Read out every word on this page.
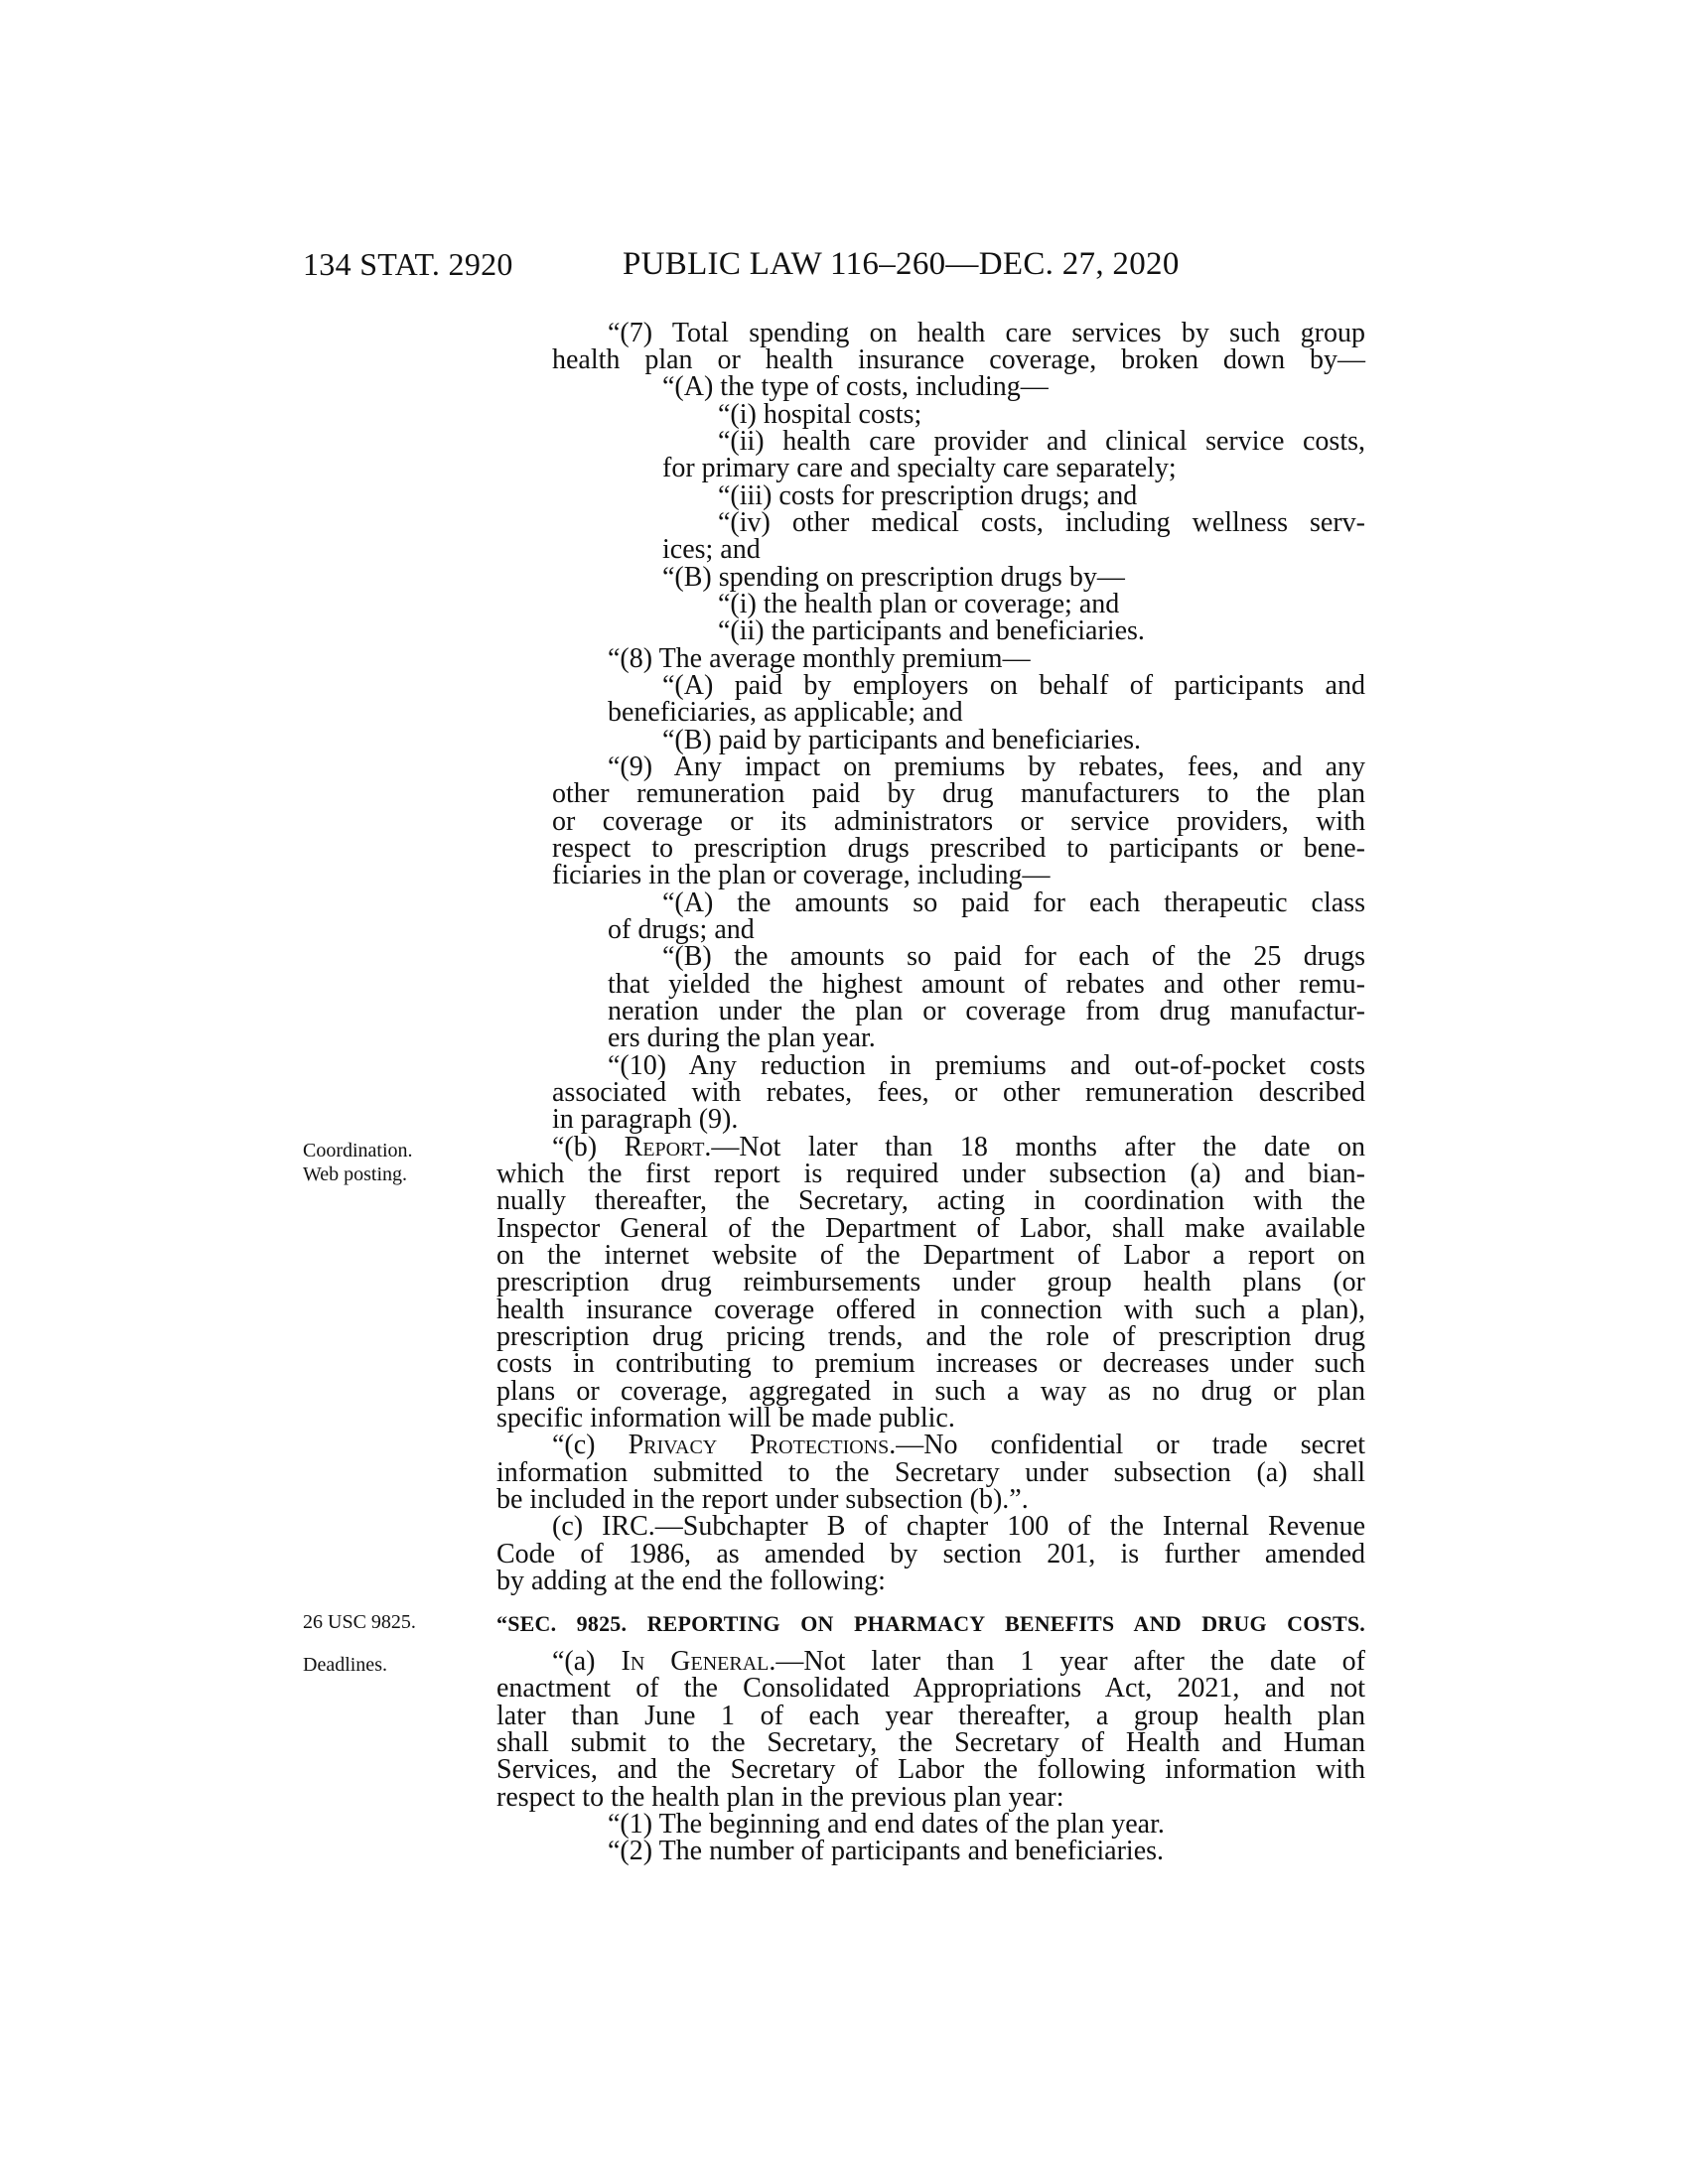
134 STAT. 2920	PUBLIC LAW 116–260—DEC. 27, 2020
Coordination.
Web posting.
26 USC 9825.
Deadlines.
“(7) Total spending on health care services by such group
health plan or health insurance coverage, broken down by—
“(A) the type of costs, including—
“(i) hospital costs;
“(ii) health care provider and clinical service costs,
for primary care and specialty care separately;
“(iii) costs for prescription drugs; and
“(iv) other medical costs, including wellness serv-
ices; and
“(B) spending on prescription drugs by—
“(i) the health plan or coverage; and
“(ii) the participants and beneficiaries.
“(8) The average monthly premium—
“(A) paid by employers on behalf of participants and
beneficiaries, as applicable; and
“(B) paid by participants and beneficiaries.
“(9) Any impact on premiums by rebates, fees, and any
other remuneration paid by drug manufacturers to the plan
or coverage or its administrators or service providers, with
respect to prescription drugs prescribed to participants or bene-
ficiaries in the plan or coverage, including—
“(A) the amounts so paid for each therapeutic class
of drugs; and
“(B) the amounts so paid for each of the 25 drugs
that yielded the highest amount of rebates and other remu-
neration under the plan or coverage from drug manufactur-
ers during the plan year.
“(10) Any reduction in premiums and out-of-pocket costs
associated with rebates, fees, or other remuneration described
in paragraph (9).
“(b) Report.—Not later than 18 months after the date on
which the first report is required under subsection (a) and bian-
nually thereafter, the Secretary, acting in coordination with the
Inspector General of the Department of Labor, shall make available
on the internet website of the Department of Labor a report on
prescription drug reimbursements under group health plans (or
health insurance coverage offered in connection with such a plan),
prescription drug pricing trends, and the role of prescription drug
costs in contributing to premium increases or decreases under such
plans or coverage, aggregated in such a way as no drug or plan
specific information will be made public.
“(c) Privacy Protections.—No confidential or trade secret
information submitted to the Secretary under subsection (a) shall
be included in the report under subsection (b).”.
(c) IRC.—Subchapter B of chapter 100 of the Internal Revenue
Code of 1986, as amended by section 201, is further amended
by adding at the end the following:
“SEC. 9825. REPORTING ON PHARMACY BENEFITS AND DRUG COSTS.
“(a) In General.—Not later than 1 year after the date of
enactment of the Consolidated Appropriations Act, 2021, and not
later than June 1 of each year thereafter, a group health plan
shall submit to the Secretary, the Secretary of Health and Human
Services, and the Secretary of Labor the following information with
respect to the health plan in the previous plan year:
“(1) The beginning and end dates of the plan year.
“(2) The number of participants and beneficiaries.
